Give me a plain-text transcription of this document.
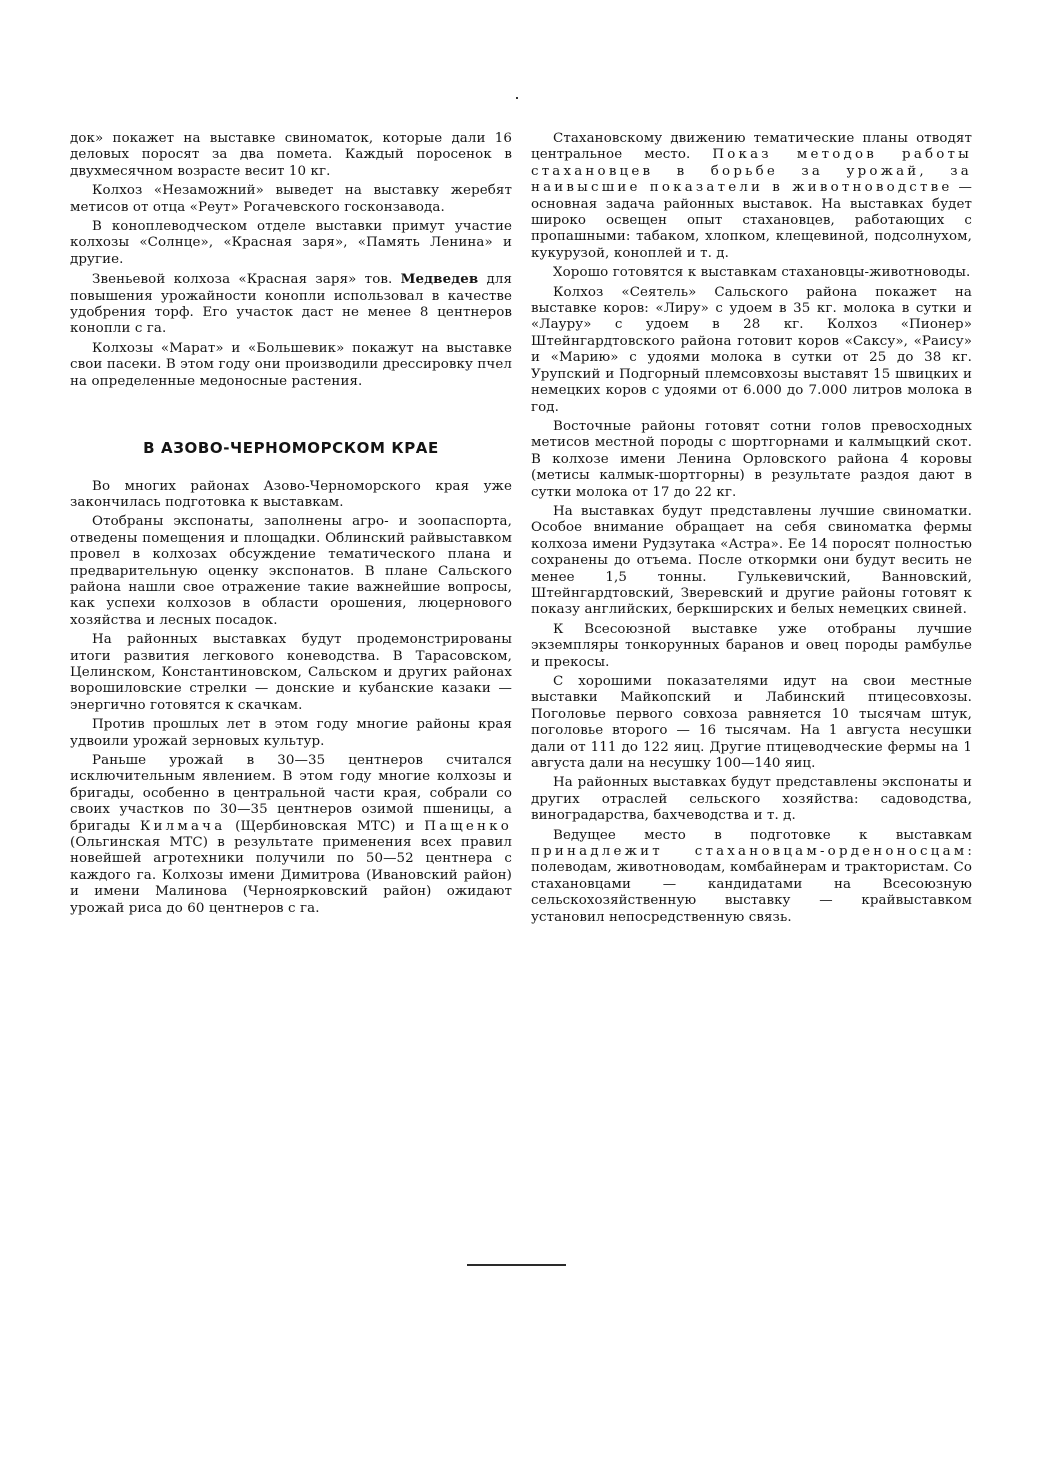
док» покажет на выставке свиноматок, которые дали 16 деловых поросят за два помета. Каждый поросенок в двухмесячном возрасте весит 10 кг.

Колхоз «Незаможний» выведет на выставку жеребят метисов от отца «Реут» Рогачевского госконзавода.

В коноплеводческом отделе выставки примут участие колхозы «Солнце», «Красная заря», «Память Ленина» и другие.

Звеньевой колхоза «Красная заря» тов. Медведев для повышения урожайности конопли использовал в качестве удобрения торф. Его участок даст не менее 8 центнеров конопли с га.

Колхозы «Марат» и «Большевик» покажут на выставке свои пасеки. В этом году они производили дрессировку пчел на определенные медоносные растения.

В АЗОВО-ЧЕРНОМОРСКОМ КРАЕ

Во многих районах Азово-Черноморского края уже закончилась подготовка к выставкам.

Отобраны экспонаты, заполнены агро- и зоопаспорта, отведены помещения и площадки. Облинский райвыставком провел в колхозах обсуждение тематического плана и предварительную оценку экспонатов. В плане Сальского района нашли свое отражение такие важнейшие вопросы, как успехи колхозов в области орошения, люцернового хозяйства и лесных посадок.

На районных выставках будут продемонстрированы итоги развития легкового коневодства. В Тарасовском, Целинском, Константиновском, Сальском и других районах ворошиловские стрелки — донские и кубанские казаки — энергично готовятся к скачкам.

Против прошлых лет в этом году многие районы края удвоили урожай зерновых культур.

Раньше урожай в 30—35 центнеров считался исключительным явлением. В этом году многие колхозы и бригады, особенно в центральной части края, собрали со своих участков по 30—35 центнеров озимой пшеницы, а бригады Килмача (Щербиновская МТС) и Пащенко (Ольгинская МТС) в результате применения всех правил новейшей агротехники получили по 50—52 центнера с каждого га. Колхозы имени Димитрова (Ивановский район) и имени Малинова (Черноярковский район) ожидают урожай риса до 60 центнеров с га.

Стахановскому движению тематические планы отводят центральное место. Показ методов работы стахановцев в борьбе за урожай, за наивысшие показатели в животноводстве — основная задача районных выставок. На выставках будет широко освещен опыт стахановцев, работающих с пропашными: табаком, хлопком, клещевиной, подсолнухом, кукурузой, коноплей и т. д.

Хорошо готовятся к выставкам стахановцы-животноводы.

Колхоз «Сеятель» Сальского района покажет на выставке коров: «Лиру» с удоем в 35 кг. молока в сутки и «Лауру» с удоем в 28 кг. Колхоз «Пионер» Штейнгардтовского района готовит коров «Саксу», «Раису» и «Марию» с удоями молока в сутки от 25 до 38 кг. Урупский и Подгорный племсовхозы выставят 15 швицких и немецких коров с удоями от 6.000 до 7.000 литров молока в год.

Восточные районы готовят сотни голов превосходных метисов местной породы с шортгорнами и калмыцкий скот. В колхозе имени Ленина Орловского района 4 коровы (метисы калмык-шортгорны) в результате раздоя дают в сутки молока от 17 до 22 кг.

На выставках будут представлены лучшие свиноматки. Особое внимание обращает на себя свиноматка фермы колхоза имени Рудзутака «Астра». Ее 14 поросят полностью сохранены до отъема. После откормки они будут весить не менее 1,5 тонны. Гулькевичский, Ванновский, Штейнгардтовский, Зверевский и другие районы готовят к показу английских, беркширских и белых немецких свиней.

К Всесоюзной выставке уже отобраны лучшие экземпляры тонкорунных баранов и овец породы рамбулье и прекосы.

С хорошими показателями идут на свои местные выставки Майкопский и Лабинский птицесовхозы. Поголовье первого совхоза равняется 10 тысячам штук, поголовье второго — 16 тысячам. На 1 августа несушки дали от 111 до 122 яиц. Другие птицеводческие фермы на 1 августа дали на несушку 100—140 яиц.

На районных выставках будут представлены экспонаты и других отраслей сельского хозяйства: садоводства, виноградарства, бахчеводства и т. д.

Ведущее место в подготовке к выставкам принадлежит стахановцам-орденоносцам: полеводам, животноводам, комбайнерам и трактористам. Со стахановцами — кандидатами на Всесоюзную сельскохозяйственную выставку — крайвыставком установил непосредственную связь.
